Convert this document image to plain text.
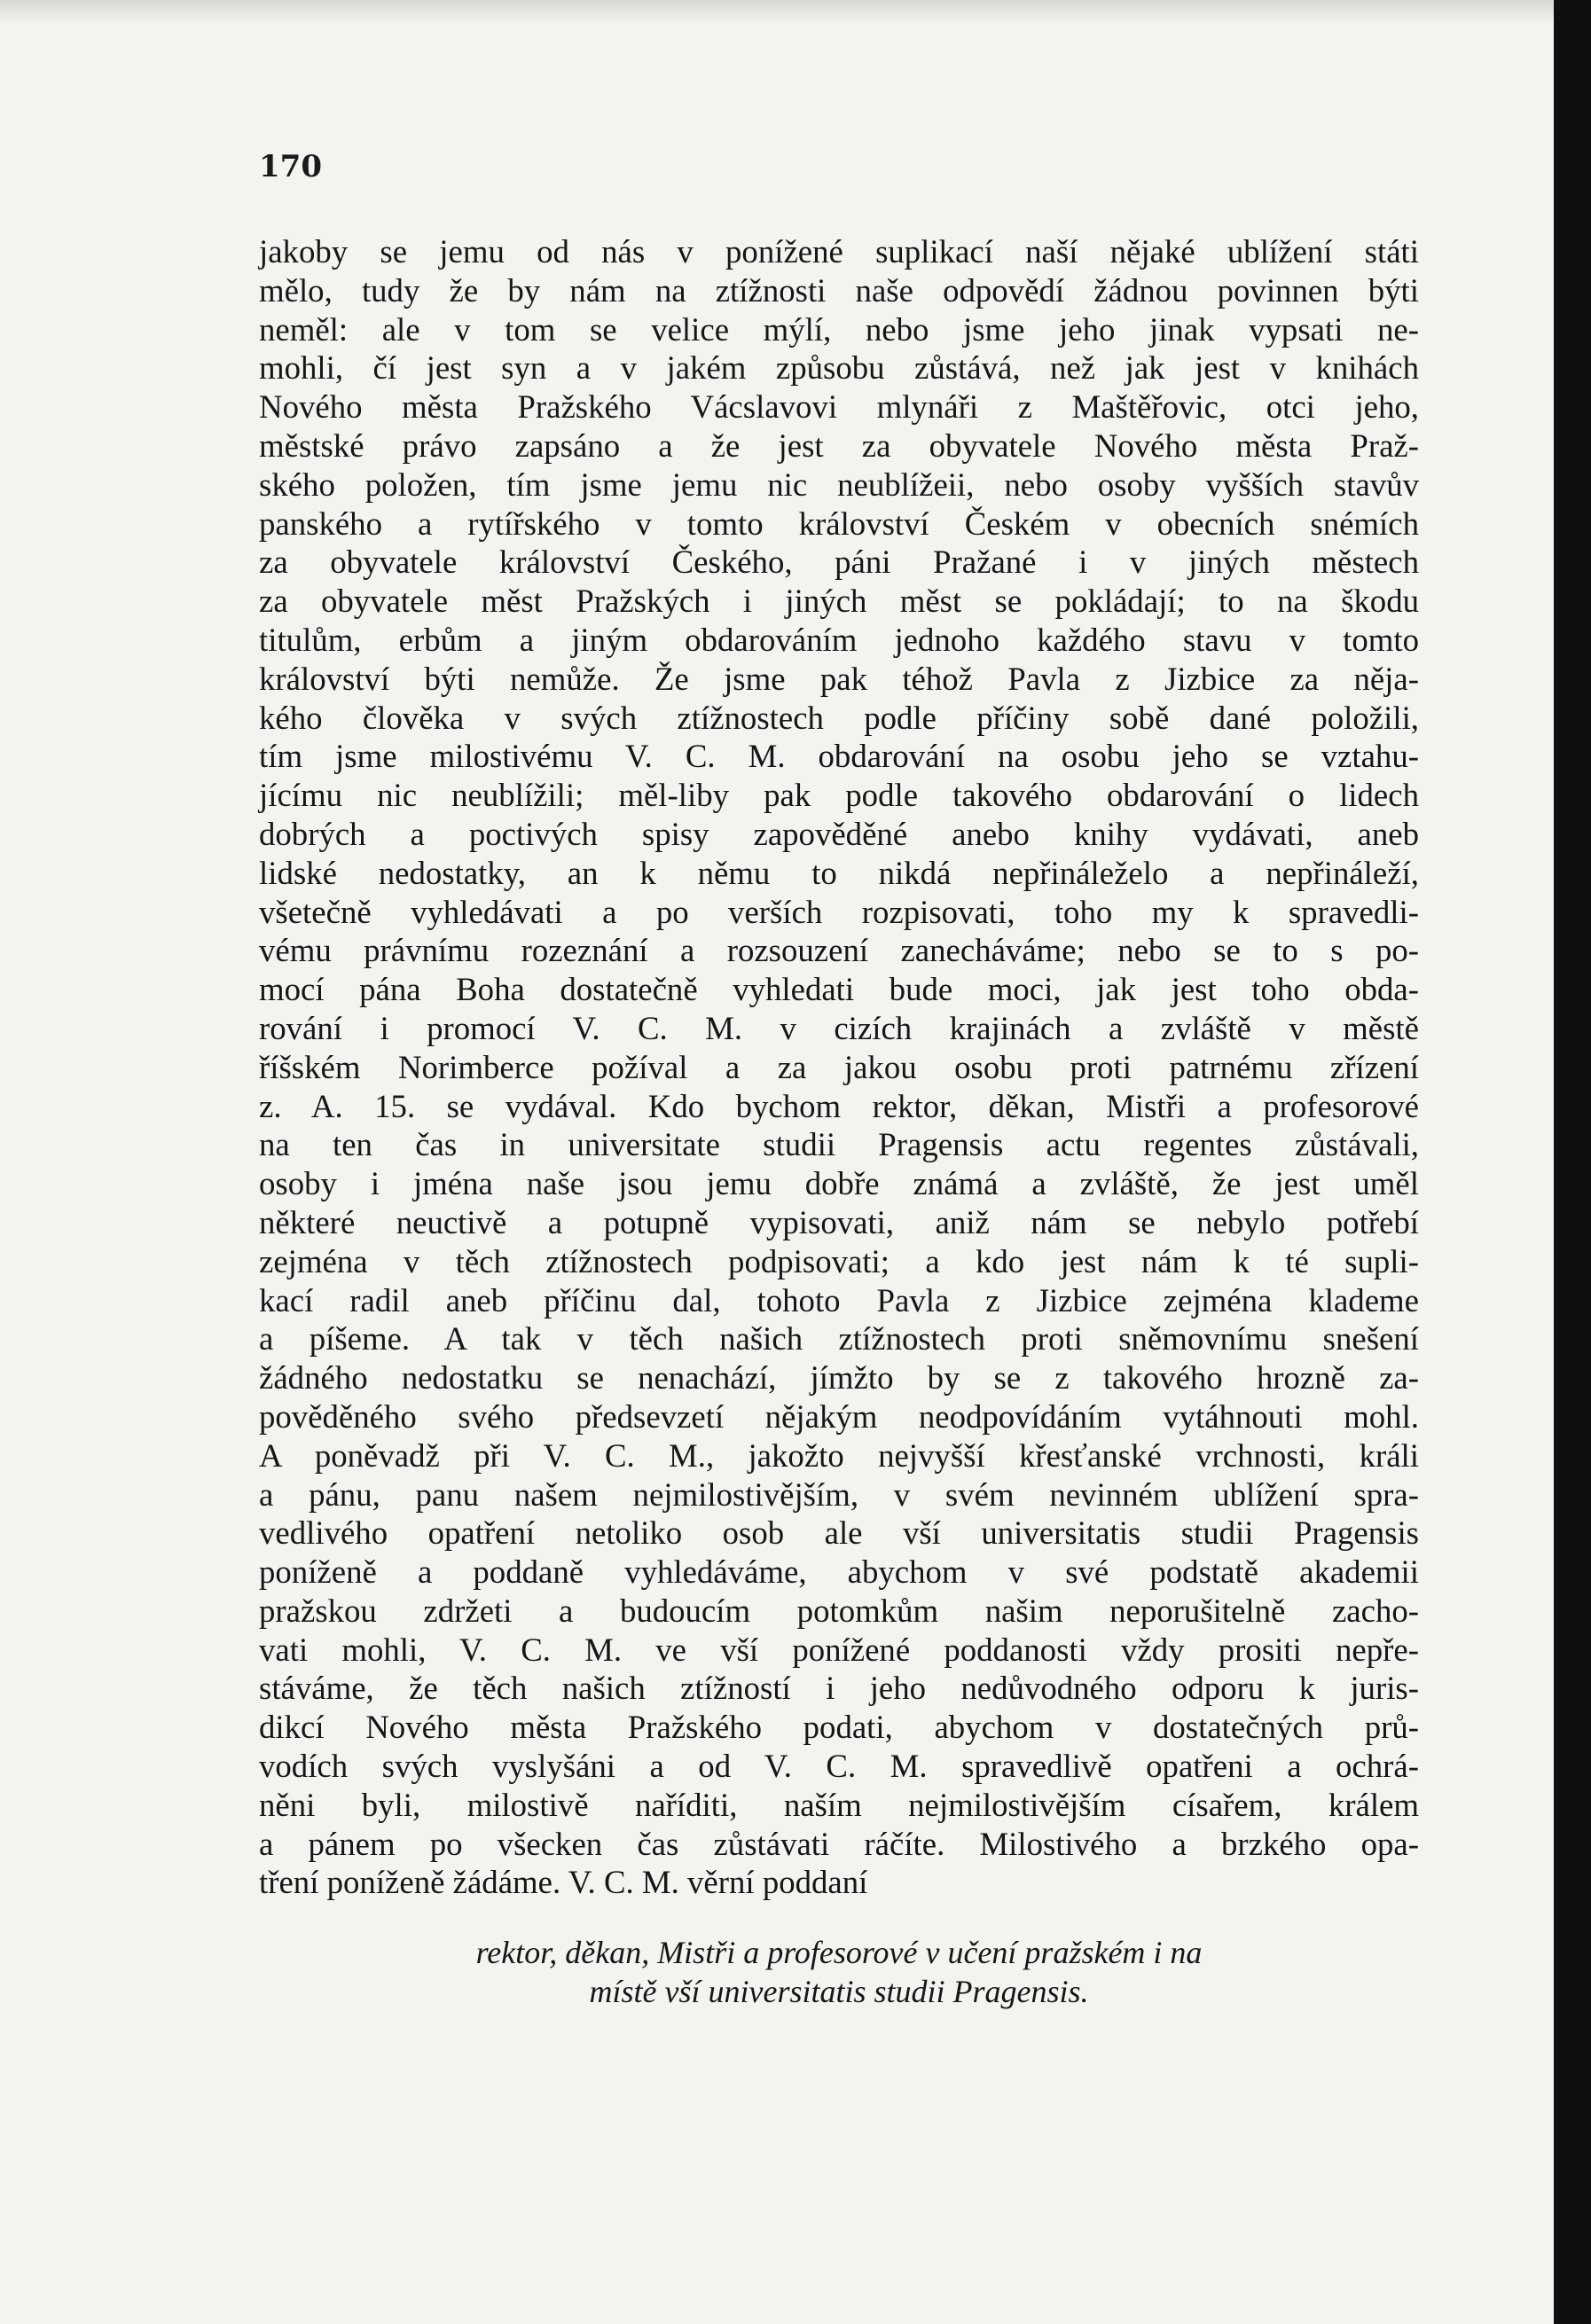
170
jakoby se jemu od nás v ponížené suplikací naší nějaké ublížení státi
mělo, tudy že by nám na ztížnosti naše odpovědí žádnou povinnen býti
neměl: ale v tom se velice mýlí, nebo jsme jeho jinak vypsati ne-
mohli, čí jest syn a v jakém způsobu zůstává, než jak jest v knihách
Nového města Pražského Vácslavovi mlynáři z Maštěřovic, otci jeho,
městské právo zapsáno a že jest za obyvatele Nového města Praž-
ského položen, tím jsme jemu nic neublížeii, nebo osoby vyšších stavův
panského a rytířského v tomto království Českém v obecních snémích
za obyvatele království Českého, páni Pražané i v jiných městech
za obyvatele měst Pražských i jiných měst se pokládají; to na škodu
titulům, erbům a jiným obdarováním jednoho každého stavu v tomto
království býti nemůže. Že jsme pak téhož Pavla z Jizbice za něja-
kého člověka v svých ztížnostech podle příčiny sobě dané položili,
tím jsme milostivému V. C. M. obdarování na osobu jeho se vztahu-
jícímu nic neublížili; měl-liby pak podle takového obdarování o lidech
dobrých a poctivých spisy zapověděné anebo knihy vydávati, aneb
lidské nedostatky, an k němu to nikdá nepřináleželo a nepřináleží,
všetečně vyhledávati a po verších rozpisovati, toho my k spravedli-
vému právnímu rozeznání a rozsouzení zanecháváme; nebo se to s po-
mocí pána Boha dostatečně vyhledati bude moci, jak jest toho obda-
rování i promocí V. C. M. v cizích krajinách a zvláště v městě
říšském Norimberce požíval a za jakou osobu proti patrnému zřízení
z. A. 15. se vydával. Kdo bychom rektor, děkan, Mistři a profesorové
na ten čas in universitate studii Pragensis actu regentes zůstávali,
osoby i jména naše jsou jemu dobře známá a zvláště, že jest uměl
některé neuctivě a potupně vypisovati, aniž nám se nebylo potřebí
zejména v těch ztížnostech podpisovati; a kdo jest nám k té supli-
kací radil aneb příčinu dal, tohoto Pavla z Jizbice zejména klademe
a píšeme. A tak v těch našich ztížnostech proti sněmovnímu snešení
žádného nedostatku se nenachází, jímžto by se z takového hrozně za-
pověděného svého předsevzetí nějakým neodpovídáním vytáhnouti mohl.
A poněvadž při V. C. M., jakožto nejvyšší křesťanské vrchnosti, králi
a pánu, panu našem nejmilostivějším, v svém nevinném ublížení spra-
vedlivého opatření netoliko osob ale vší universitatis studii Pragensis
poníženě a poddaně vyhledáváme, abychom v své podstatě akademii
pražskou zdržeti a budoucím potomkům našim neporušitelně zacho-
vati mohli, V. C. M. ve vší ponížené poddanosti vždy prositi nepře-
stáváme, že těch našich ztížností i jeho nedůvodného odporu k juris-
dikcí Nového města Pražského podati, abychom v dostatečných prů-
vodích svých vyslyšáni a od V. C. M. spravedlivě opatřeni a ochrá-
něni byli, milostivě naříditi, naším nejmilostivějším císařem, králem
a pánem po všecken čas zůstávati ráčíte. Milostivého a brzkého opa-
tření poníženě žádáme. V. C. M. věrní poddaní
rektor, děkan, Mistři a profesorové v učení pražském i na
místě vší universitatis studii Pragensis.
